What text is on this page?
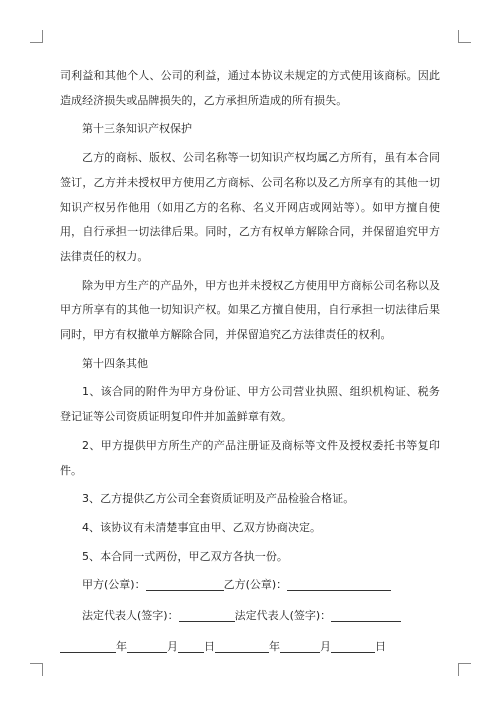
司利益和其他个人、公司的利益，通过本协议未规定的方式使用该商标。因此造成经济损失或品牌损失的，乙方承担所造成的所有损失。

第十三条知识产权保护

乙方的商标、版权、公司名称等一切知识产权均属乙方所有，虽有本合同签订，乙方并未授权甲方使用乙方商标、公司名称以及乙方所享有的其他一切知识产权另作他用（如用乙方的名称、名义开网店或网站等）。如甲方擅自使用，自行承担一切法律后果。同时，乙方有权单方解除合同，并保留追究甲方法律责任的权力。

除为甲方生产的产品外，甲方也并未授权乙方使用甲方商标公司名称以及甲方所享有的其他一切知识产权。如果乙方擅自使用，自行承担一切法律后果同时，甲方有权撤单方解除合同，并保留追究乙方法律责任的权利。

第十四条其他

1、该合同的附件为甲方身份证、甲方公司营业执照、组织机构证、税务登记证等公司资质证明复印件并加盖鲜章有效。

2、甲方提供甲方所生产的产品注册证及商标等文件及授权委托书等复印件。

3、乙方提供乙方公司全套资质证明及产品检验合格证。

4、该协议有未清楚事宜由甲、乙双方协商决定。

5、本合同一式两份，甲乙双方各执一份。

甲方(公章)：	乙方(公章)：
法定代表人(签字)：	法定代表人(签字)：
年	月 日	年	月	日
